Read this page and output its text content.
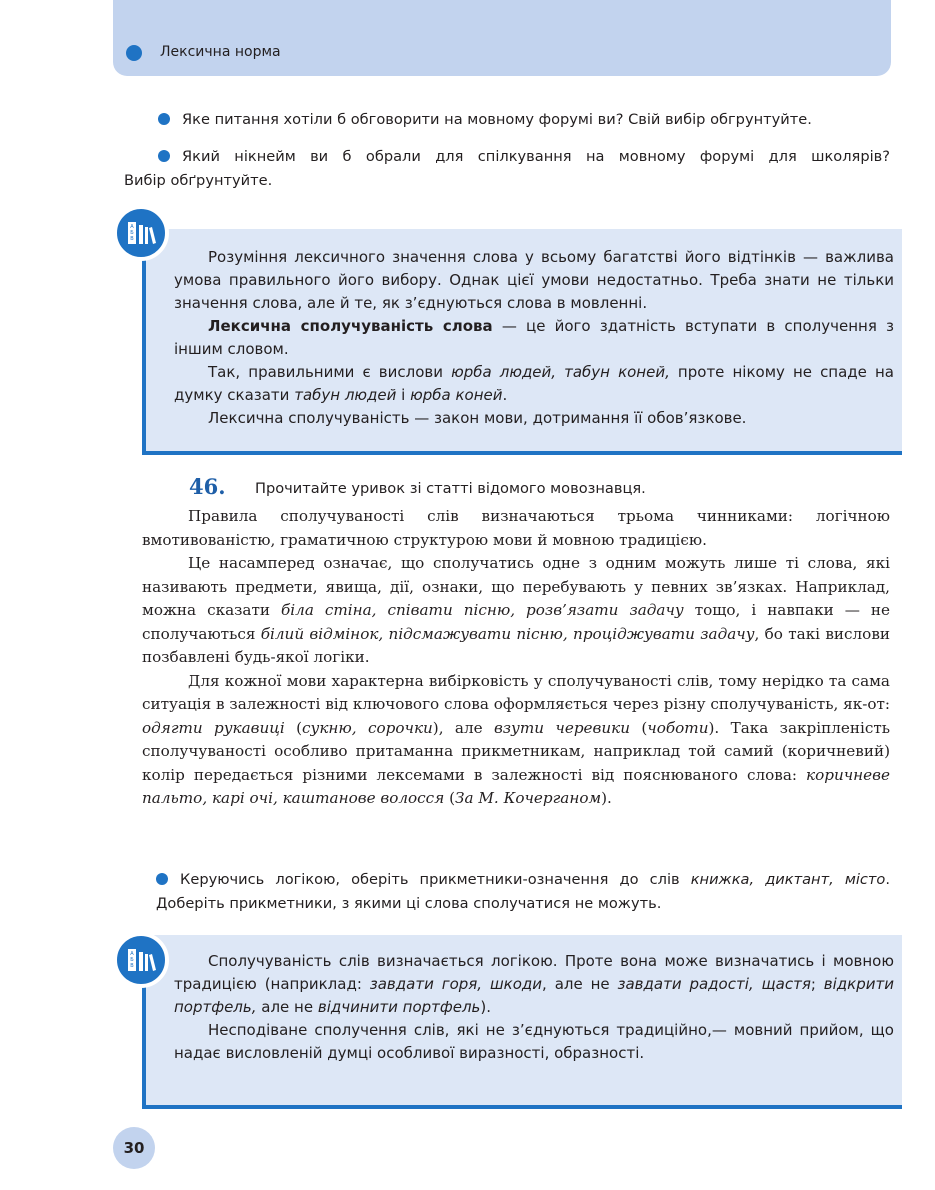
Лексична норма
Яке питання хотіли б обговорити на мовному форумі ви? Свій вибір обгрунтуйте.
Який нікнейм ви б обрали для спілкування на мовному форумі для школярів?
Вибір обґрунтуйте.

Розуміння лексичного значення слова у всьому багатстві його відтінків — важлива умова правильного його вибору. Однак цієї умови недостатньо. Треба знати не тільки значення слова, але й те, як з’єднуються слова в мовленні.

Лексична сполучуваність слова — це його здатність вступати в сполучення з іншим словом.

Так, правильними є вислови юрба людей, табун коней, проте нікому не спаде на думку сказати табун людей і юрба коней.

Лексична сполучуваність — закон мови, дотримання її обов’язкове.

А
Б
В
46. Прочитайте уривок зі статті відомого мовознавця.

Правила сполучуваності слів визначаються трьома чинниками: логічною вмотивованістю, граматичною структурою мови й мовною традицією.

Це насамперед означає, що сполучатись одне з одним можуть лише ті слова, які називають предмети, явища, дії, ознаки, що перебувають у певних зв’язках. Наприклад, можна сказати біла стіна, співати пісню, розв’язати задачу тощо, і навпаки — не сполучаються білий відмінок, підсмажувати пісню, проціджувати задачу, бо такі вислови позбавлені будь-якої логіки.

Для кожної мови характерна вибірковість у сполучуваності слів, тому нерідко та сама ситуація в залежності від ключового слова оформляється через різну сполучуваність, як-от: одягти рукавиці (сукню, сорочки), але взути черевики (чоботи). Така закріпленість сполучуваності особливо притаманна прикметникам, наприклад той самий (коричневий) колір передається різними лексемами в залежності від пояснюваного слова: коричневе пальто, карі очі, каштанове волосся (За М. Кочерганом).

Керуючись логікою, оберіть прикметники-означення до слів книжка, диктант, місто. Доберіть прикметники, з якими ці слова сполучатися не можуть.

Сполучуваність слів визначається логікою. Проте вона може визначатись і мовною традицією (наприклад: завдати горя, шкоди, але не завдати радості, щастя; відкрити портфель, але не відчинити портфель).

Несподіване сполучення слів, які не з’єднуються традиційно,— мовний прийом, що надає висловленій думці особливої виразності, образності.

А
Б
В
30
